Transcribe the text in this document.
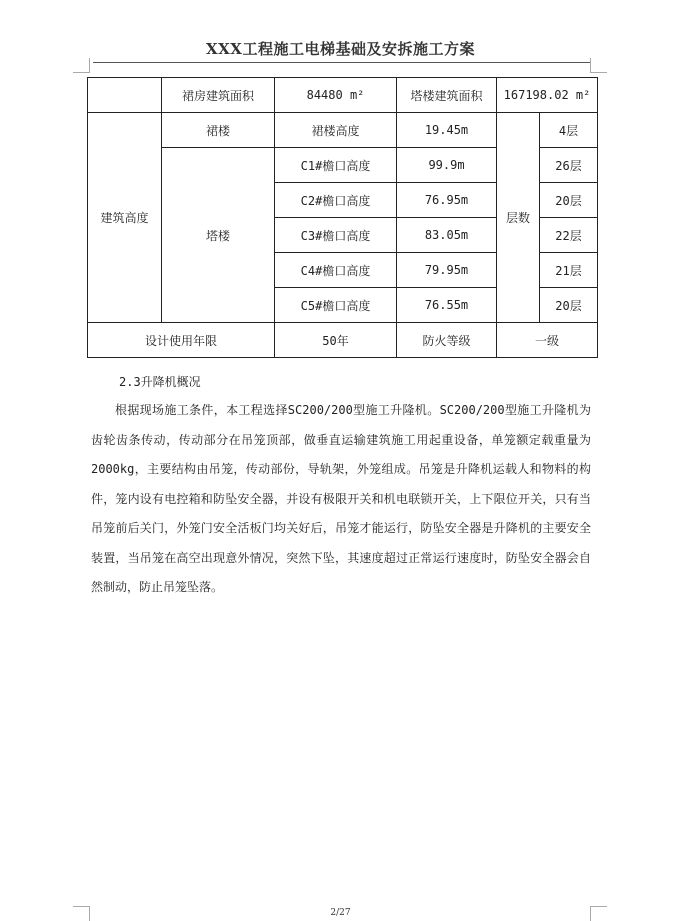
XXX工程施工电梯基础及安拆施工方案
	裙房建筑面积	84480 m²	塔楼建筑面积	167198.02 m²	
建筑高度	裙楼	裙楼高度	19.45m	层数	4层
	塔楼	C1#檐口高度	99.9m		26层
		C2#檐口高度	76.95m		20层
		C3#檐口高度	83.05m		22层
		C4#檐口高度	79.95m		21层
		C5#檐口高度	76.55m		20层
设计使用年限		50年	防火等级	一级	
2.3升降机概况

根据现场施工条件，本工程选择SC200/200型施工升隆机。SC200/200型施工升隆机为齿轮齿条传动，传动部分在吊笼顶部，做垂直运输建筑施工用起重设备，单笼额定载重量为2000kg，主要结构由吊笼，传动部份，导轨架，外笼组成。吊笼是升降机运载人和物料的构件，笼内设有电控箱和防坠安全器，并设有极限开关和机电联锁开关，上下限位开关，只有当吊笼前后关门，外笼门安全活板门均关好后，吊笼才能运行，防坠安全器是升降机的主要安全装置，当吊笼在高空出现意外情况，突然下坠，其速度超过正常运行速度时，防坠安全器会自然制动，防止吊笼坠落。

2/27
